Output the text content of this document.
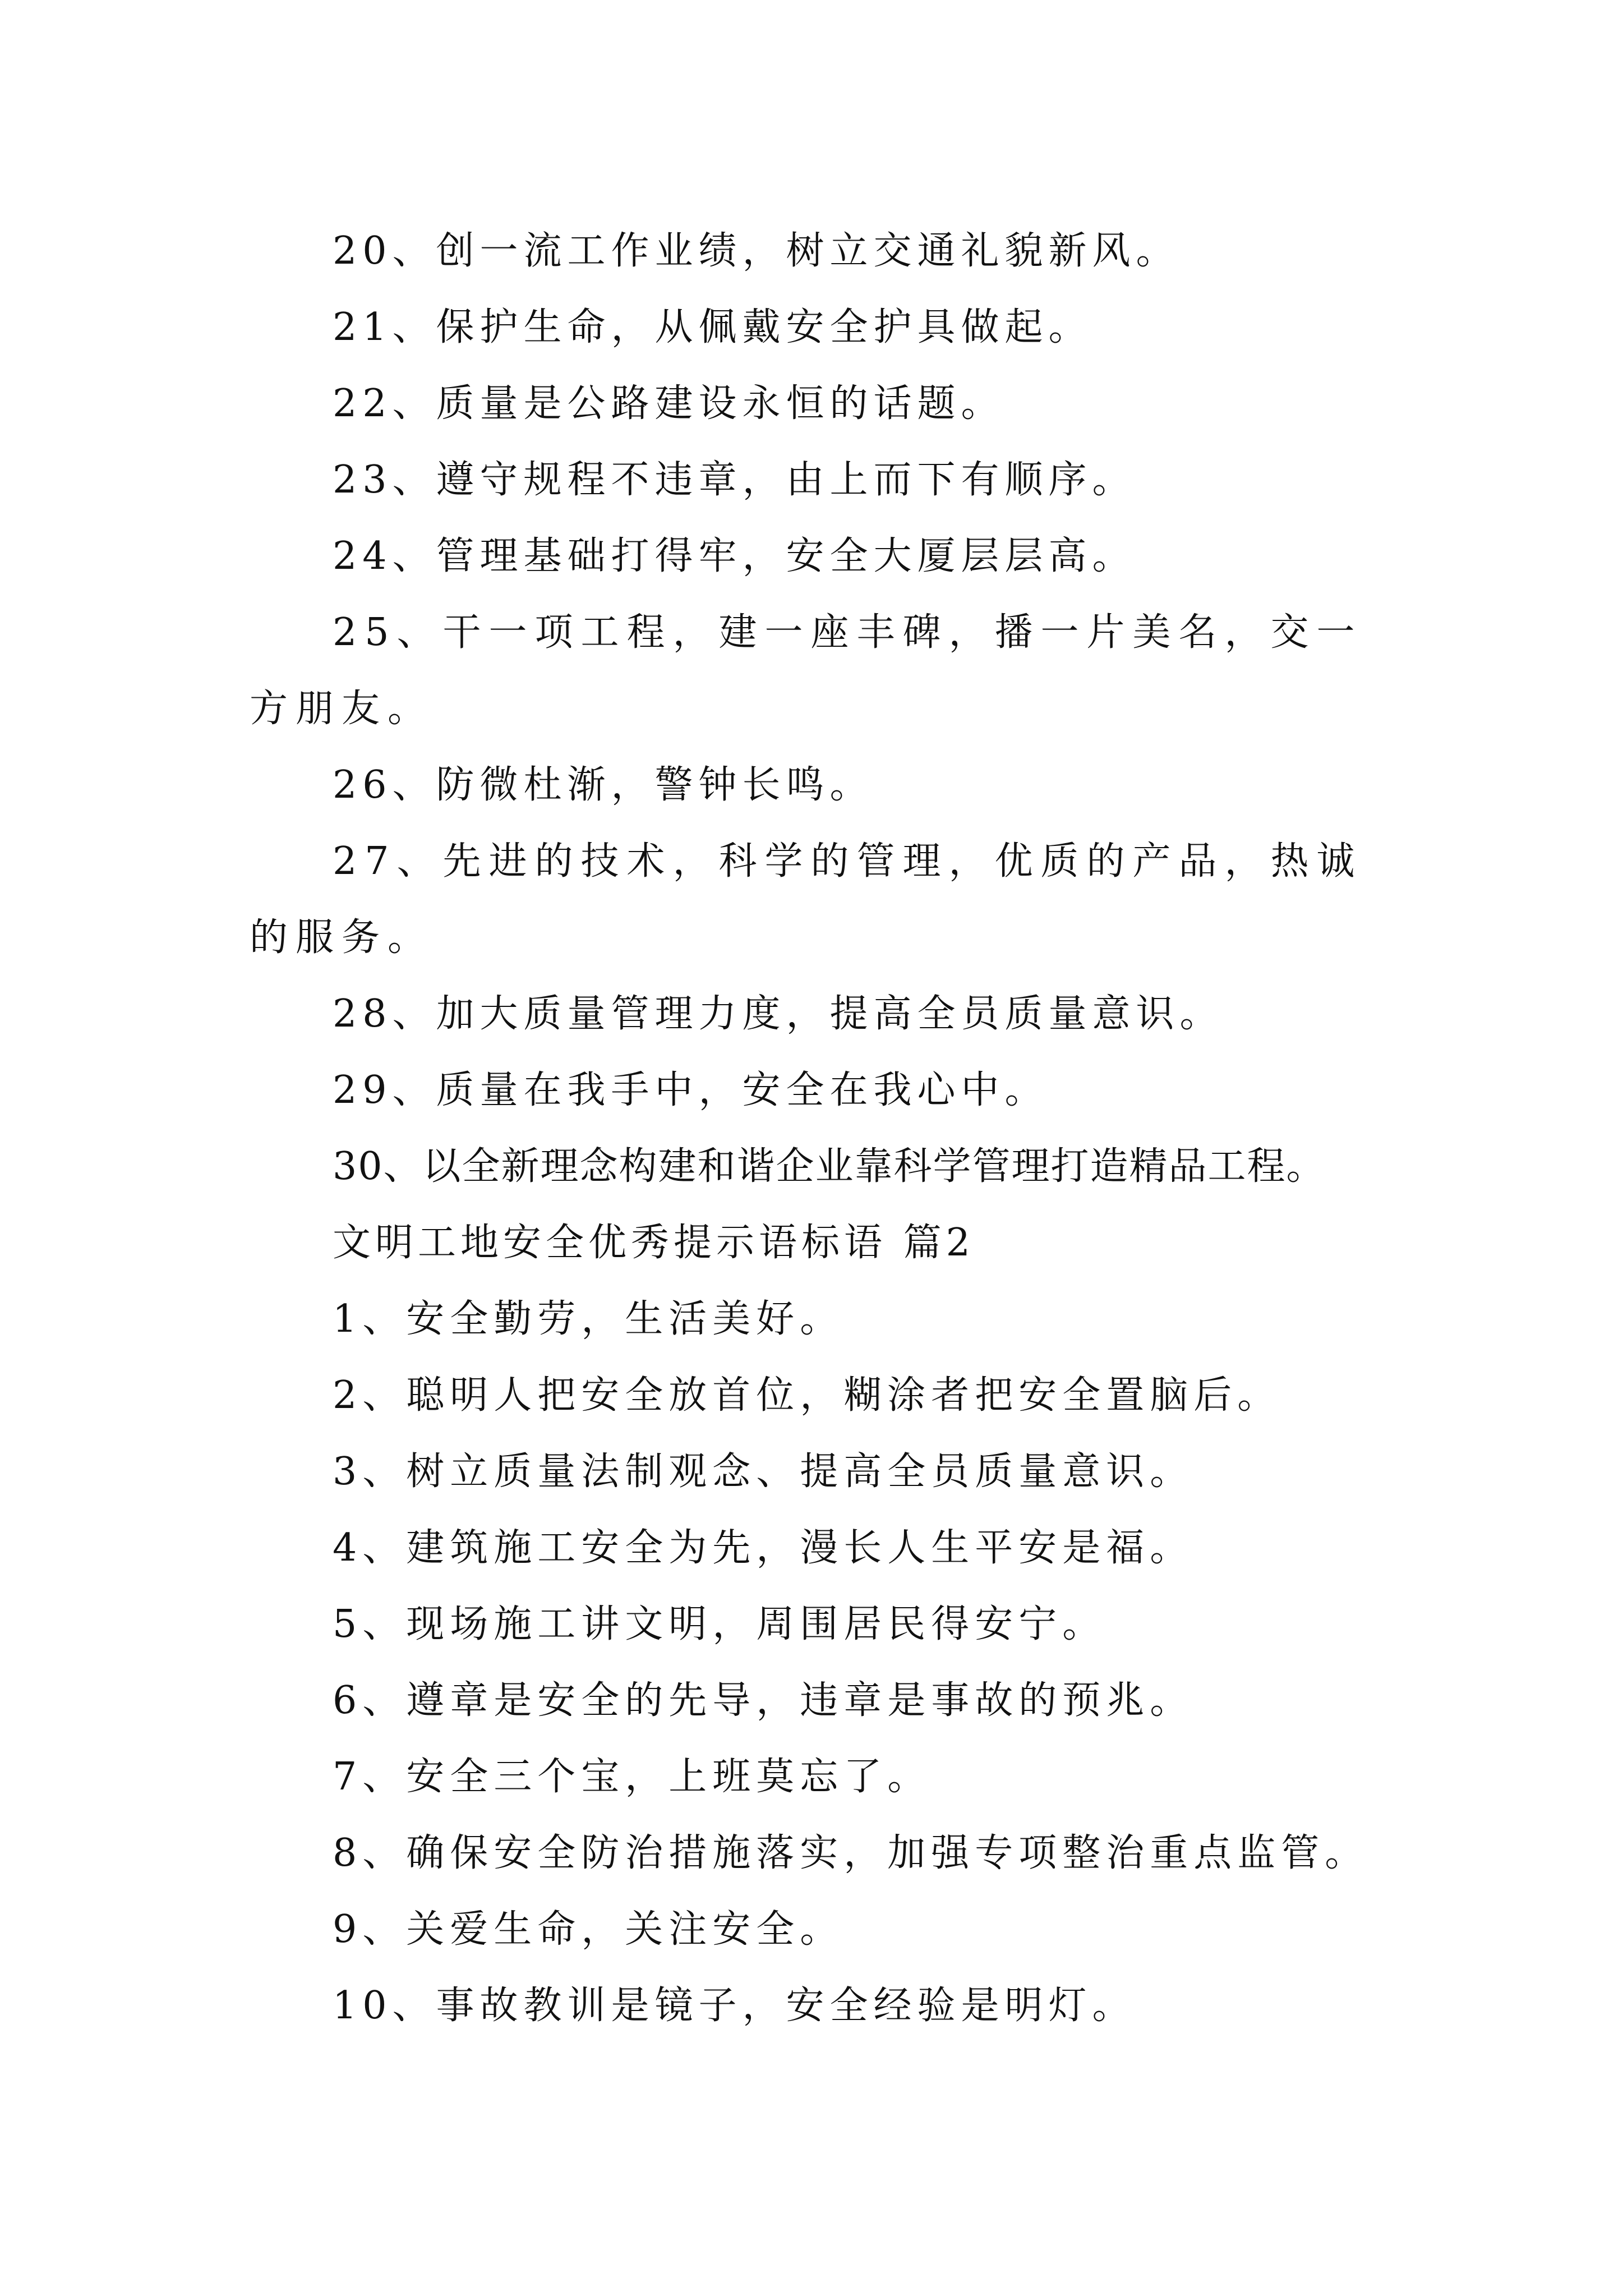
20、创一流工作业绩，树立交通礼貌新风。
21、保护生命，从佩戴安全护具做起。
22、质量是公路建设永恒的话题。
23、遵守规程不违章，由上而下有顺序。
24、管理基础打得牢，安全大厦层层高。
25、干一项工程，建一座丰碑，播一片美名，交一方朋友。
26、防微杜渐，警钟长鸣。
27、先进的技术，科学的管理，优质的产品，热诚的服务。
28、加大质量管理力度，提高全员质量意识。
29、质量在我手中，安全在我心中。
30、以全新理念构建和谐企业靠科学管理打造精品工程。
文明工地安全优秀提示语标语 篇2
1、安全勤劳，生活美好。
2、聪明人把安全放首位，糊涂者把安全置脑后。
3、树立质量法制观念、提高全员质量意识。
4、建筑施工安全为先，漫长人生平安是福。
5、现场施工讲文明，周围居民得安宁。
6、遵章是安全的先导，违章是事故的预兆。
7、安全三个宝，上班莫忘了。
8、确保安全防治措施落实，加强专项整治重点监管。
9、关爱生命，关注安全。
10、事故教训是镜子，安全经验是明灯。
